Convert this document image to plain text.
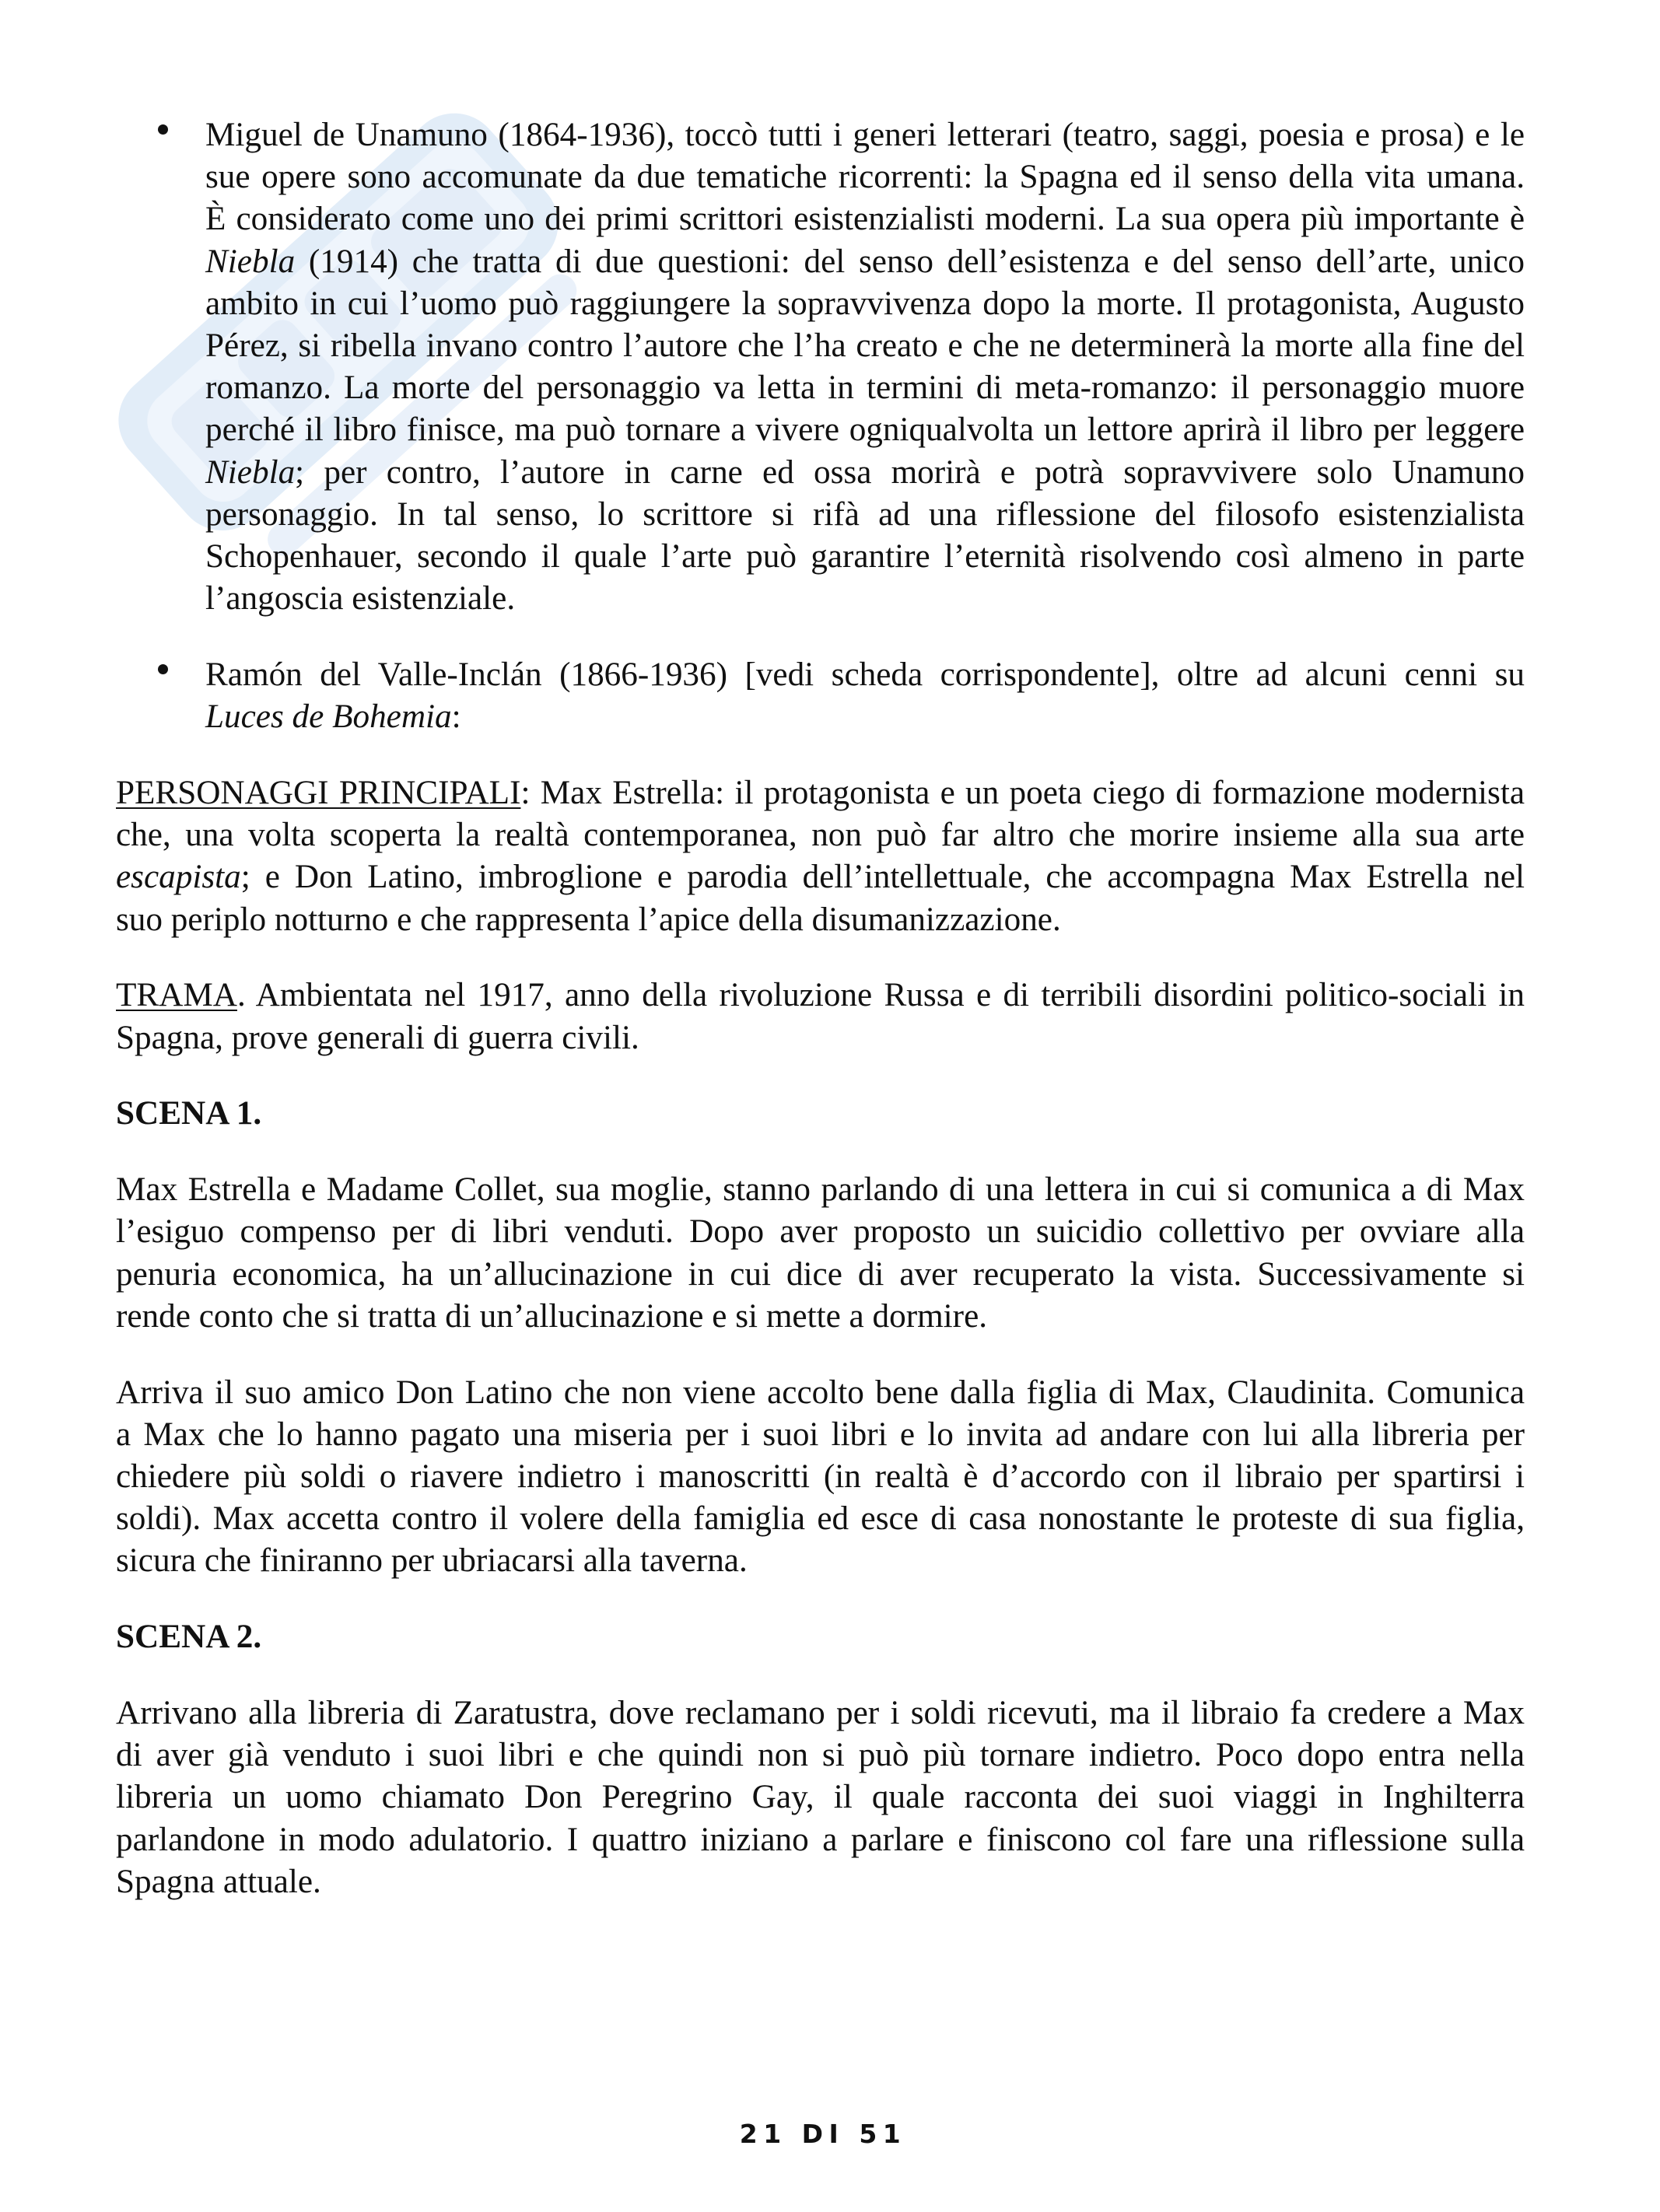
Miguel de Unamuno (1864-1936), toccò tutti i generi letterari (teatro, saggi, poesia e prosa) e le
sue opere sono accomunate da due tematiche ricorrenti: la Spagna ed il senso della vita umana.
È considerato come uno dei primi scrittori esistenzialisti moderni. La sua opera più importante è
Niebla (1914) che tratta di due questioni: del senso dell’esistenza e del senso dell’arte, unico
ambito in cui l’uomo può raggiungere la sopravvivenza dopo la morte. Il protagonista, Augusto
Pérez, si ribella invano contro l’autore che l’ha creato e che ne determinerà la morte alla fine del
romanzo. La morte del personaggio va letta in termini di meta-romanzo: il personaggio muore
perché il libro finisce, ma può tornare a vivere ogniqualvolta un lettore aprirà il libro per leggere
Niebla; per contro, l’autore in carne ed ossa morirà e potrà sopravvivere solo Unamuno
personaggio. In tal senso, lo scrittore si rifà ad una riflessione del filosofo esistenzialista
Schopenhauer, secondo il quale l’arte può garantire l’eternità risolvendo così almeno in parte
l’angoscia esistenziale.
Ramón del Valle-Inclán (1866-1936) [vedi scheda corrispondente], oltre ad alcuni cenni su
Luces de Bohemia:
PERSONAGGI PRINCIPALI: Max Estrella: il protagonista e un poeta ciego di formazione modernista
che, una volta scoperta la realtà contemporanea, non può far altro che morire insieme alla sua arte
escapista; e Don Latino, imbroglione e parodia dell’intellettuale, che accompagna Max Estrella nel
suo periplo notturno e che rappresenta l’apice della disumanizzazione.
TRAMA. Ambientata nel 1917, anno della rivoluzione Russa e di terribili disordini politico-sociali in
Spagna, prove generali di guerra civili.
SCENA 1.
Max Estrella e Madame Collet, sua moglie, stanno parlando di una lettera in cui si comunica a di Max
l’esiguo compenso per di libri venduti. Dopo aver proposto un suicidio collettivo per ovviare alla
penuria economica, ha un’allucinazione in cui dice di aver recuperato la vista. Successivamente si
rende conto che si tratta di un’allucinazione e si mette a dormire.
Arriva il suo amico Don Latino che non viene accolto bene dalla figlia di Max, Claudinita. Comunica
a Max che lo hanno pagato una miseria per i suoi libri e lo invita ad andare con lui alla libreria per
chiedere più soldi o riavere indietro i manoscritti (in realtà è d’accordo con il libraio per spartirsi i
soldi). Max accetta contro il volere della famiglia ed esce di casa nonostante le proteste di sua figlia,
sicura che finiranno per ubriacarsi alla taverna.
SCENA 2.
Arrivano alla libreria di Zaratustra, dove reclamano per i soldi ricevuti, ma il libraio fa credere a Max
di aver già venduto i suoi libri e che quindi non si può più tornare indietro. Poco dopo entra nella
libreria un uomo chiamato Don Peregrino Gay, il quale racconta dei suoi viaggi in Inghilterra
parlandone in modo adulatorio. I quattro iniziano a parlare e finiscono col fare una riflessione sulla
Spagna attuale.
21 DI 51
